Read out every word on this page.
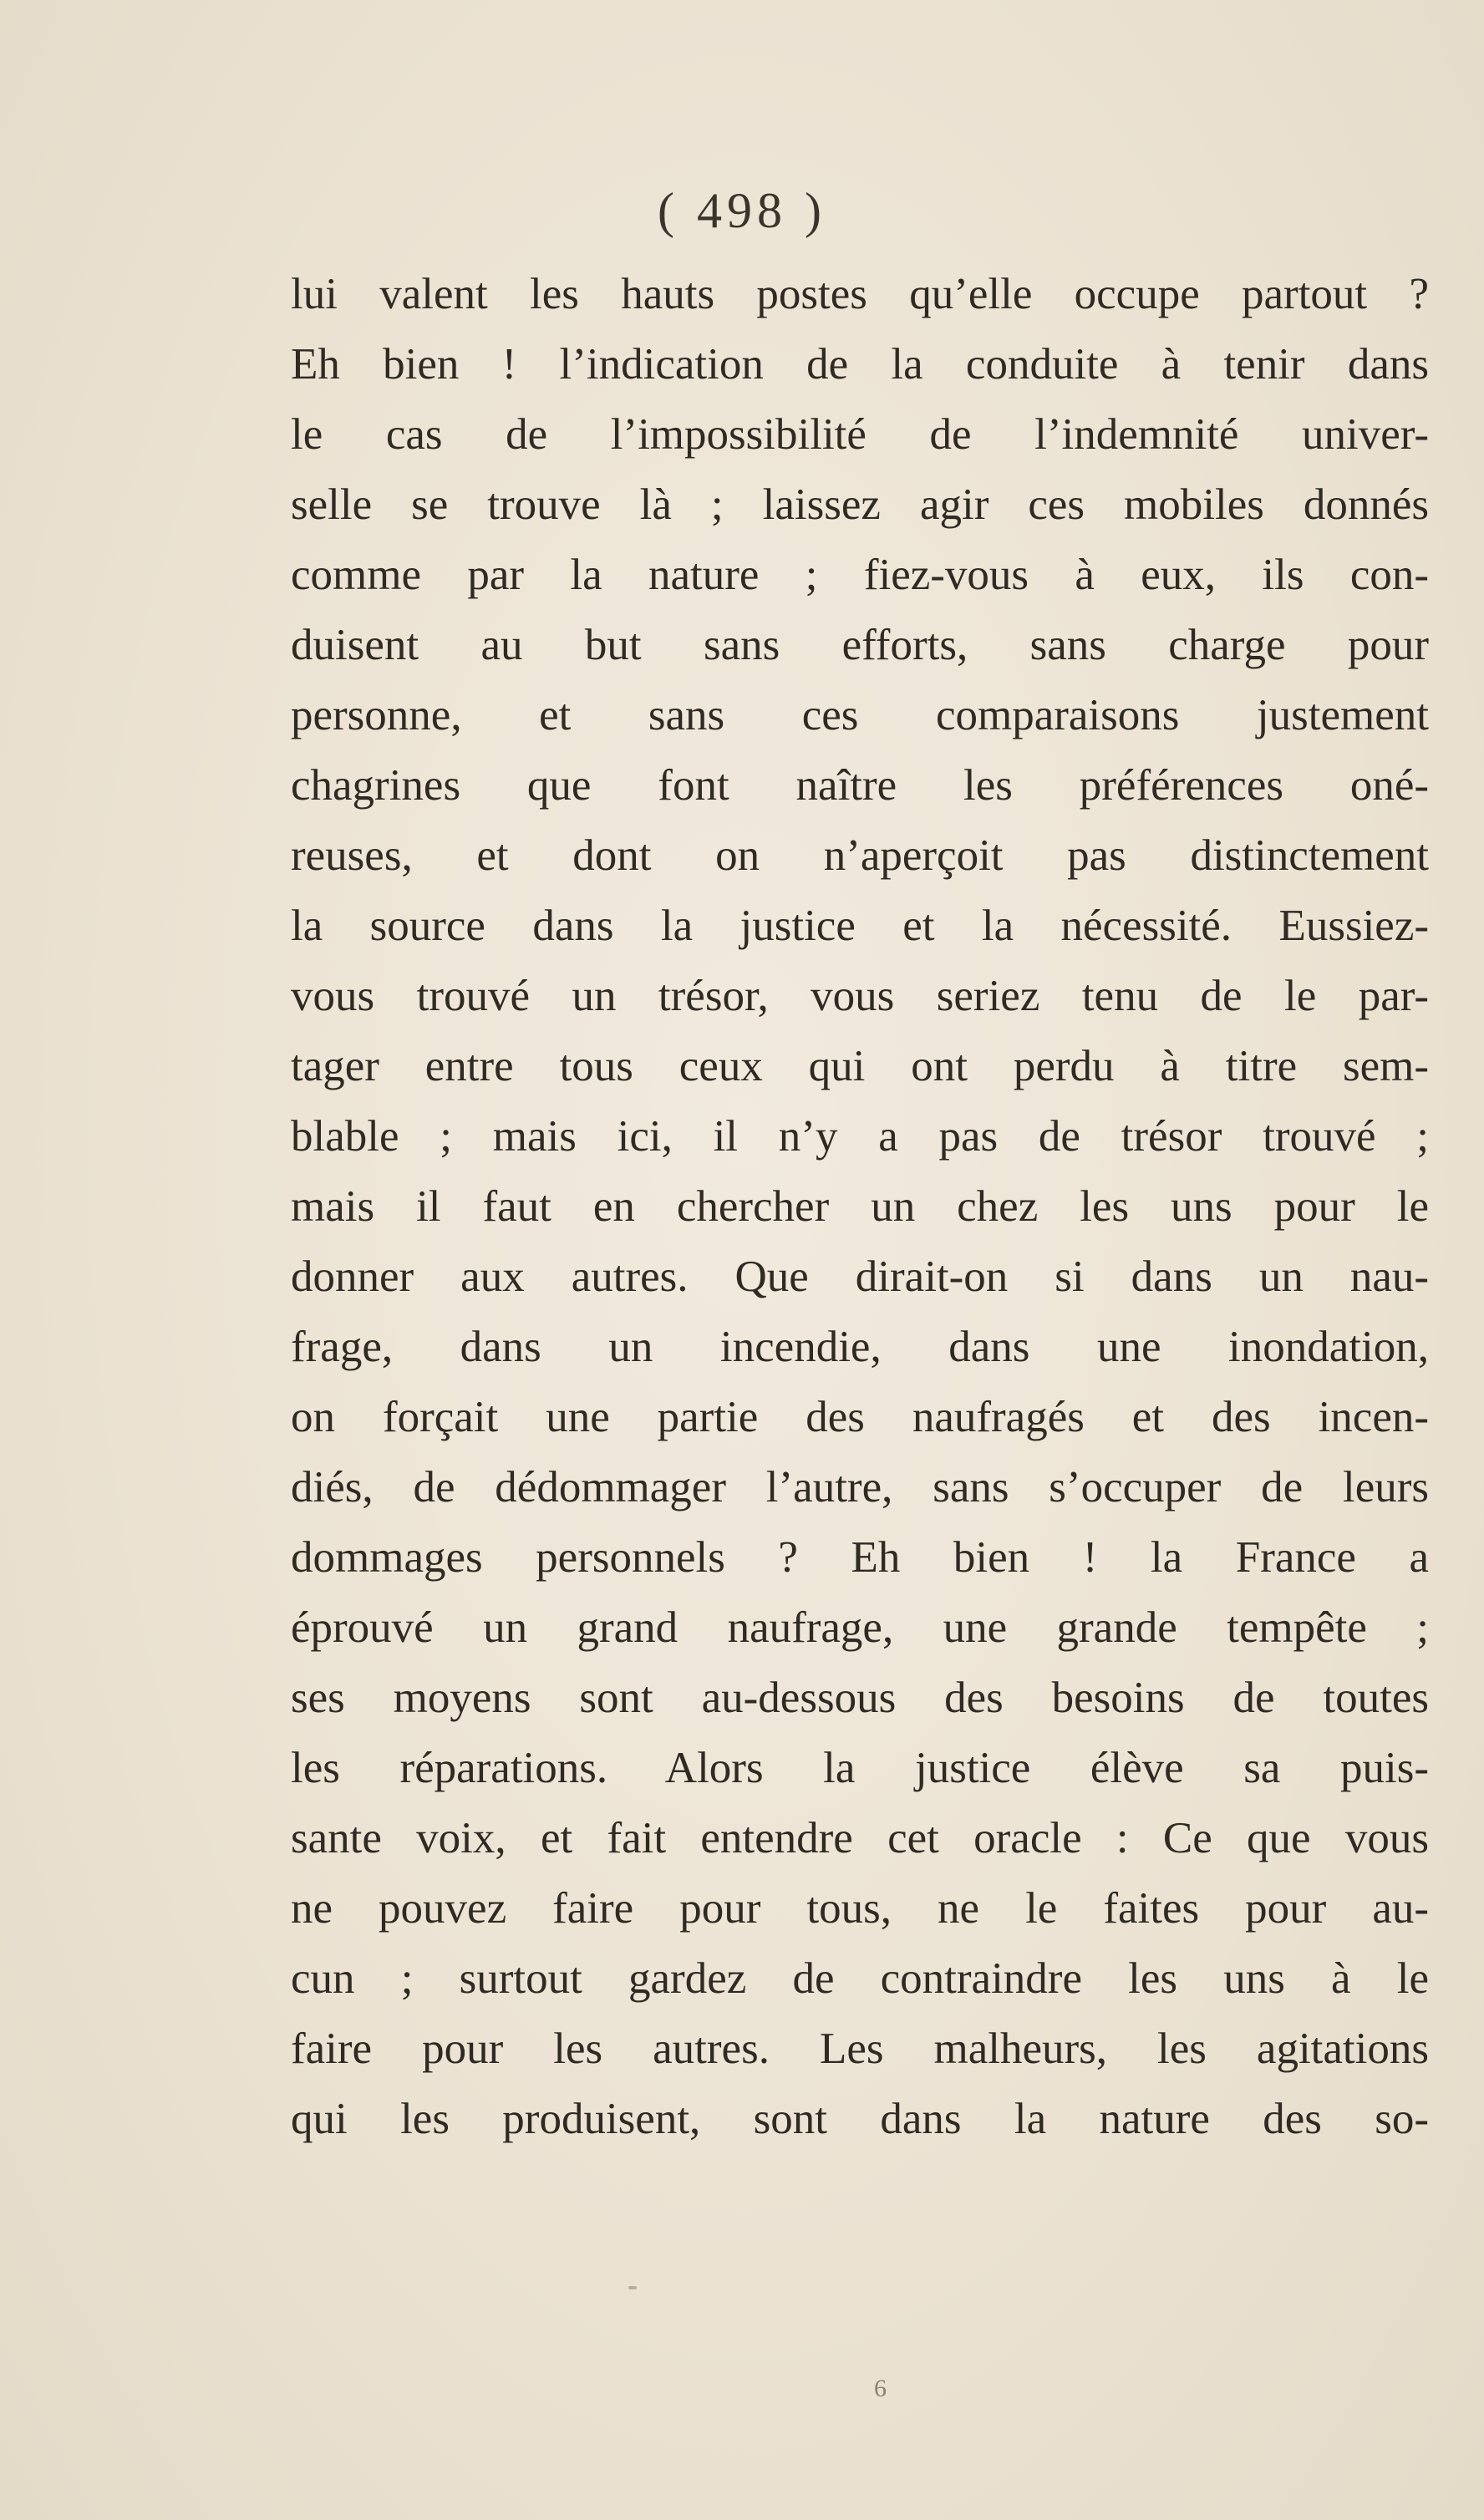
( 498 )
lui valent les hauts postes qu’elle occupe partout ?
Eh bien ! l’indication de la conduite à tenir dans
le cas de l’impossibilité de l’indemnité univer-
selle se trouve là ; laissez agir ces mobiles donnés
comme par la nature ; fiez-vous à eux, ils con-
duisent au but sans efforts, sans charge pour
personne, et sans ces comparaisons justement
chagrines que font naître les préférences oné-
reuses, et dont on n’aperçoit pas distinctement
la source dans la justice et la nécessité. Eussiez-
vous trouvé un trésor, vous seriez tenu de le par-
tager entre tous ceux qui ont perdu à titre sem-
blable ; mais ici, il n’y a pas de trésor trouvé ;
mais il faut en chercher un chez les uns pour le
donner aux autres. Que dirait-on si dans un nau-
frage, dans un incendie, dans une inondation,
on forçait une partie des naufragés et des incen-
diés, de dédommager l’autre, sans s’occuper de leurs
dommages personnels ? Eh bien ! la France a
éprouvé un grand naufrage, une grande tempête ;
ses moyens sont au-dessous des besoins de toutes
les réparations. Alors la justice élève sa puis-
sante voix, et fait entendre cet oracle : Ce que vous
ne pouvez faire pour tous, ne le faites pour au-
cun ; surtout gardez de contraindre les uns à le
faire pour les autres. Les malheurs, les agitations
qui les produisent, sont dans la nature des so-
6
